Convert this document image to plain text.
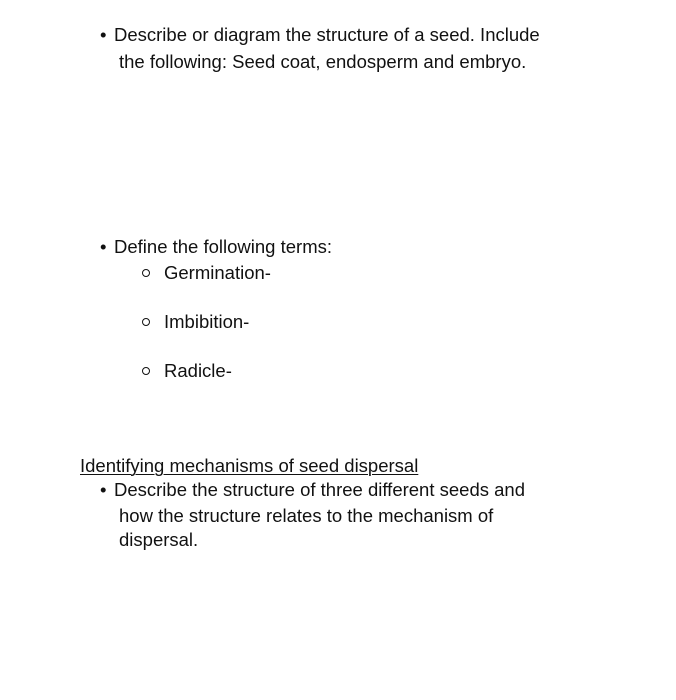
• Describe or diagram the structure of a seed. Include
the following: Seed coat, endosperm and embryo.
• Define the following terms:
Germination-
Imbibition-
Radicle-
Identifying mechanisms of seed dispersal
• Describe the structure of three different seeds and
how the structure relates to the mechanism of
dispersal.
